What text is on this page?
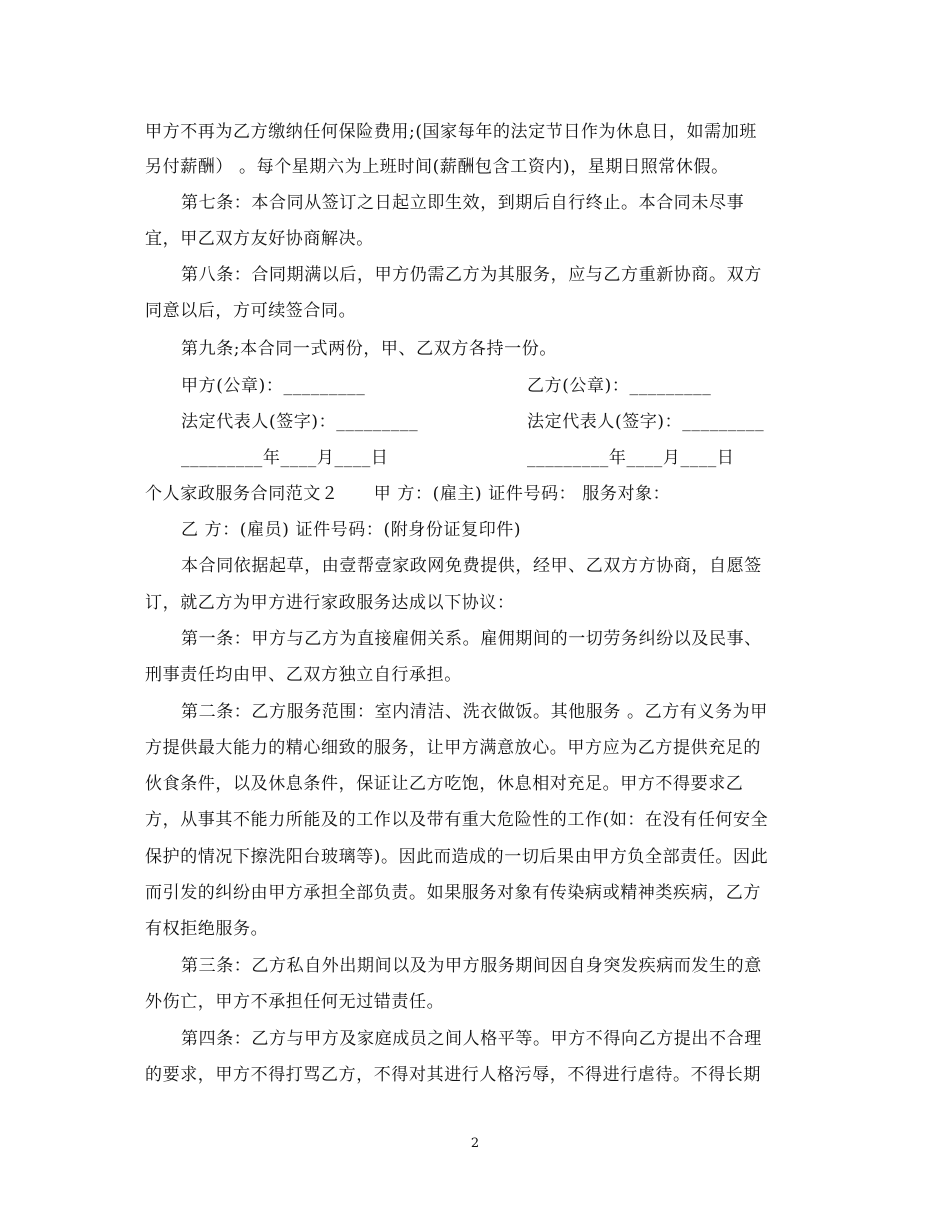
甲方不再为乙方缴纳任何保险费用;(国家每年的法定节日作为休息日，如需加班
另付薪酬） 。每个星期六为上班时间(薪酬包含工资内)，星期日照常休假。
第七条：本合同从签订之日起立即生效，到期后自行终止。本合同未尽事
宜，甲乙双方友好协商解决。
第八条：合同期满以后，甲方仍需乙方为其服务，应与乙方重新协商。双方
同意以后，方可续签合同。
第九条;本合同一式两份，甲、乙双方各持一份。
甲方(公章)：_________	乙方(公章)：_________
法定代表人(签字)：_________	法定代表人(签字)：_________
_________年____月____日	_________年____月____日
个人家政服务合同范文２　　甲 方：(雇主) 证件号码： 服务对象：
乙 方：(雇员) 证件号码：(附身份证复印件)
本合同依据起草，由壹帮壹家政网免费提供，经甲、乙双方方协商，自愿签
订，就乙方为甲方进行家政服务达成以下协议：
第一条：甲方与乙方为直接雇佣关系。雇佣期间的一切劳务纠纷以及民事、
刑事责任均由甲、乙双方独立自行承担。
第二条：乙方服务范围：室内清洁、洗衣做饭。其他服务 。乙方有义务为甲
方提供最大能力的精心细致的服务，让甲方满意放心。甲方应为乙方提供充足的
伙食条件，以及休息条件，保证让乙方吃饱，休息相对充足。甲方不得要求乙
方，从事其不能力所能及的工作以及带有重大危险性的工作(如：在没有任何安全
保护的情况下擦洗阳台玻璃等)。因此而造成的一切后果由甲方负全部责任。因此
而引发的纠纷由甲方承担全部负责。如果服务对象有传染病或精神类疾病，乙方
有权拒绝服务。
第三条：乙方私自外出期间以及为甲方服务期间因自身突发疾病而发生的意
外伤亡，甲方不承担任何无过错责任。
第四条：乙方与甲方及家庭成员之间人格平等。甲方不得向乙方提出不合理
的要求，甲方不得打骂乙方，不得对其进行人格污辱，不得进行虐待。不得长期
2
